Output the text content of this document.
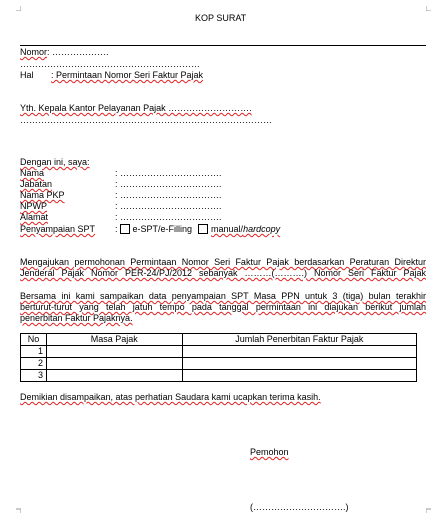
KOP SURAT
Nomor: ……………….
……………………………………………………
Hal : Permintaan Nomor Seri Faktur Pajak
Yth. Kepala Kantor Pelayanan Pajak ……………………….
…………………………………………………………………………
Dengan ini, saya:
Nama	: …………………………….
Jabatan	: …………………………….
Nama PKP	: …………………………….
NPWP	: …………………………….
Alamat	: …………………………….
Penyampaian SPT : e-SPT/e-Filling manual/hardcopy
Mengajukan permohonan Permintaan Nomor Seri Faktur Pajak berdasarkan Peraturan Direktur
Jenderal Pajak Nomor PER-24/PJ/2012 sebanyak ………(……….) Nomor Seri Faktur Pajak
Bersama ini kami sampaikan data penyampaian SPT Masa PPN untuk 3 (tiga) bulan terakhir
berturut-turut yang telah jatuh tempo pada tanggal permintaan ini diajukan berikut jumlah
penerbitan Faktur Pajaknya.
No	Masa Pajak	Jumlah Penerbitan Faktur Pajak
1		
2		
3		
Demikian disampaikan, atas perhatian Saudara kami ucapkan terima kasih.
Pemohon
(………………………….)
